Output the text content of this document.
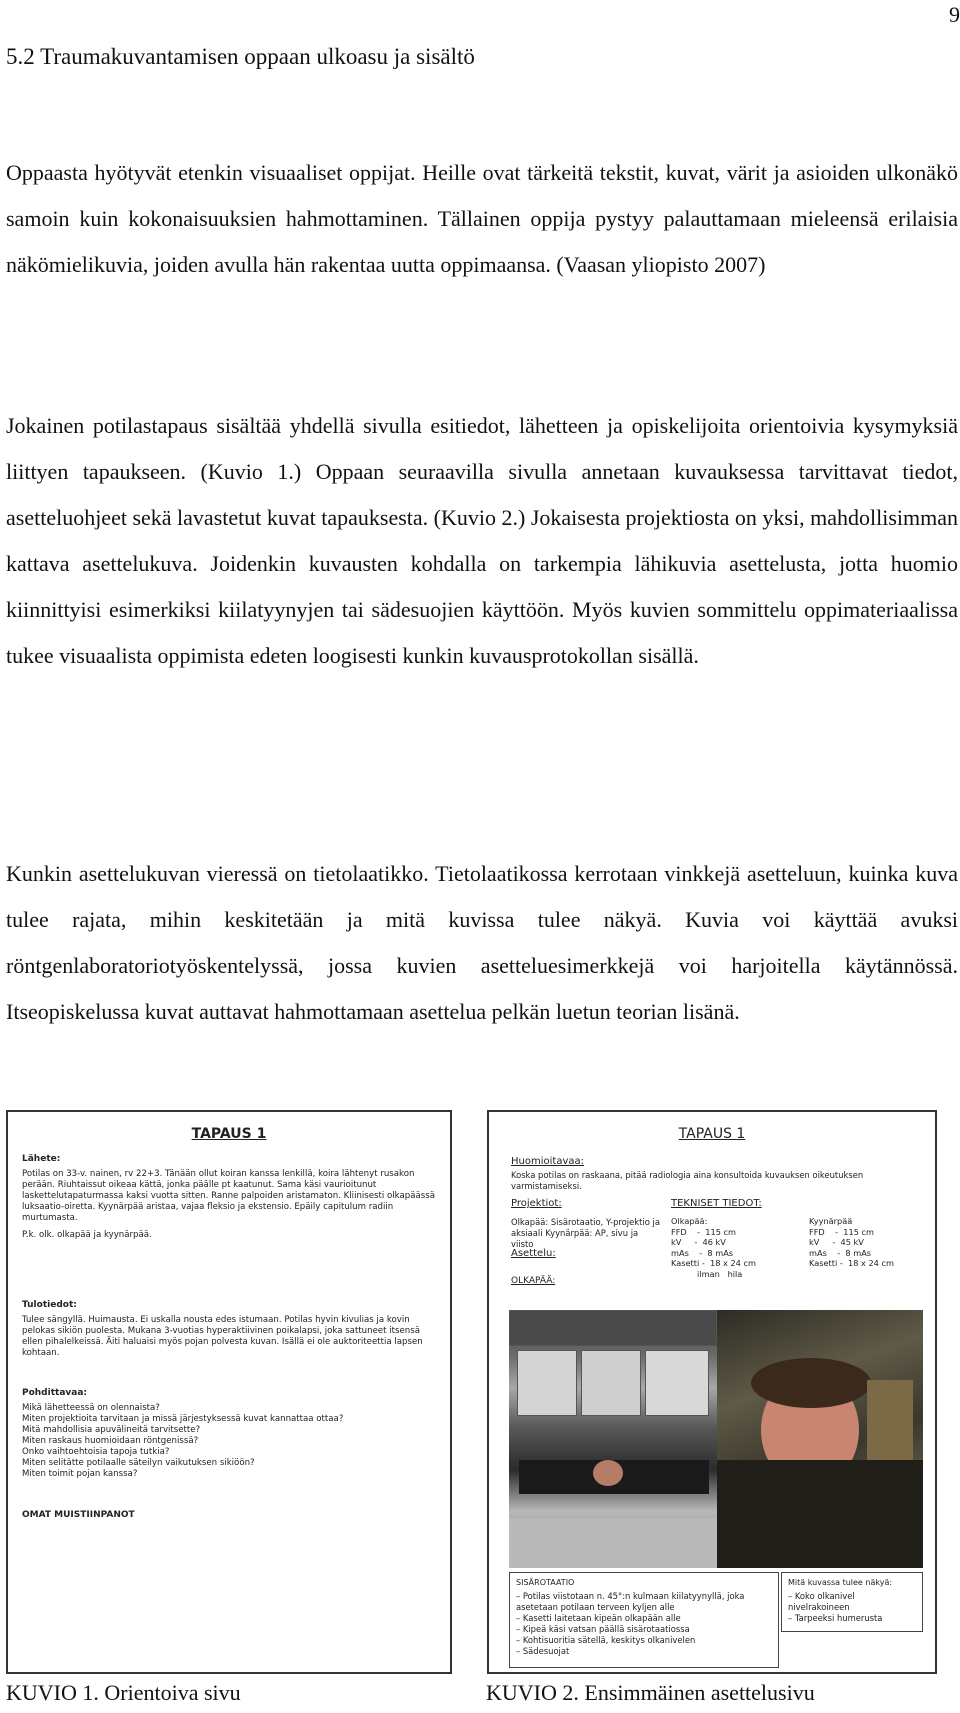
9
5.2 Traumakuvantamisen oppaan ulkoasu ja sisältö

Oppaasta hyötyvät etenkin visuaaliset oppijat. Heille ovat tärkeitä tekstit, kuvat, värit ja asioiden ulkonäkö samoin kuin kokonaisuuksien hahmottaminen. Tällainen oppija pystyy palauttamaan mieleensä erilaisia näkömielikuvia, joiden avulla hän rakentaa uutta oppimaansa. (Vaasan yliopisto 2007)

Jokainen potilastapaus sisältää yhdellä sivulla esitiedot, lähetteen ja opiskelijoita orientoivia kysymyksiä liittyen tapaukseen. (Kuvio 1.) Oppaan seuraavilla sivulla annetaan kuvauksessa tarvittavat tiedot, asetteluohjeet sekä lavastetut kuvat tapauksesta. (Kuvio 2.) Jokaisesta projektiosta on yksi, mahdollisimman kattava asettelukuva. Joidenkin kuvausten kohdalla on tarkempia lähikuvia asettelusta, jotta huomio kiinnittyisi esimerkiksi kiilatyynyjen tai sädesuojien käyttöön. Myös kuvien sommittelu oppimateriaalissa tukee visuaalista oppimista edeten loogisesti kunkin kuvausprotokollan sisällä.

Kunkin asettelukuvan vieressä on tietolaatikko. Tietolaatikossa kerrotaan vinkkejä asetteluun, kuinka kuva tulee rajata, mihin keskitetään ja mitä kuvissa tulee näkyä. Kuvia voi käyttää avuksi röntgenlaboratoriotyöskentelyssä, jossa kuvien asetteluesimerkkejä voi harjoitella käytännössä. Itseopiskelussa kuvat auttavat hahmottamaan asettelua pelkän luetun teorian lisänä.

TAPAUS 1
Lähete:
Potilas on 33-v. nainen, rv 22+3. Tänään ollut koiran kanssa lenkillä, koira lähtenyt rusakon perään. Riuhtaissut oikeaa kättä, jonka päälle pt kaatunut. Sama käsi vaurioitunut laskettelutapaturmassa kaksi vuotta sitten. Ranne palpoiden aristamaton. Kliinisesti olkapäässä luksaatio-oiretta. Kyynärpää aristaa, vajaa fleksio ja ekstensio. Epäily capitulum radiin murtumasta.
P.k. olk. olkapää ja kyynärpää.
Tulotiedot:
Tulee sängyllä. Huimausta. Ei uskalla nousta edes istumaan. Potilas hyvin kivulias ja kovin pelokas sikiön puolesta. Mukana 3-vuotias hyperaktiivinen poikalapsi, joka sattuneet itsensä ellen pihalelkeissä. Äiti haluaisi myös pojan polvesta kuvan. Isällä ei ole auktoriteettia lapsen kohtaan.
Pohdittavaa:
Mikä lähetteessä on olennaista?
Miten projektioita tarvitaan ja missä järjestyksessä kuvat kannattaa ottaa?
Mitä mahdollisia apuvälineitä tarvitsette?
Miten raskaus huomioidaan röntgenissä?
Onko vaihtoehtoisia tapoja tutkia?
Miten selitätte potilaalle säteilyn vaikutuksen sikiöön?
Miten toimit pojan kanssa?
OMAT MUISTIINPANOT
TAPAUS 1
Huomioitavaa:
Koska potilas on raskaana, pitää radiologia aina konsultoida kuvauksen oikeutuksen varmistamiseksi.
Projektiot:
Olkapää: Sisärotaatio, Y-projektio ja aksiaali Kyynärpää: AP, sivu ja viisto
TEKNISET TIEDOT:
Olkapää:
FFD    -  115 cm
kV     -  46 kV
mAs    -  8 mAs
Kasetti -  18 x 24 cm
ilman   hila
Kyynärpää
FFD    -  115 cm
kV     -  45 kV
mAs    -  8 mAs
Kasetti -  18 x 24 cm
Asettelu:
OLKAPÄÄ:
SISÄROTAATIO
– Potilas viistotaan n. 45°:n kulmaan kiilatyynyllä, joka asetetaan potilaan terveen kyljen alle
– Kasetti laitetaan kipeän olkapään alle
– Kipeä käsi vatsan päällä sisärotaatiossa
– Kohtisuoritia sätellä, keskitys olkanivelen
– Sädesuojat
Mitä kuvassa tulee näkyä:
– Koko olkanivel nivelrakoineen
– Tarpeeksi humerusta
KUVIO 1. Orientoiva sivu	KUVIO 2. Ensimmäinen asettelusivu
